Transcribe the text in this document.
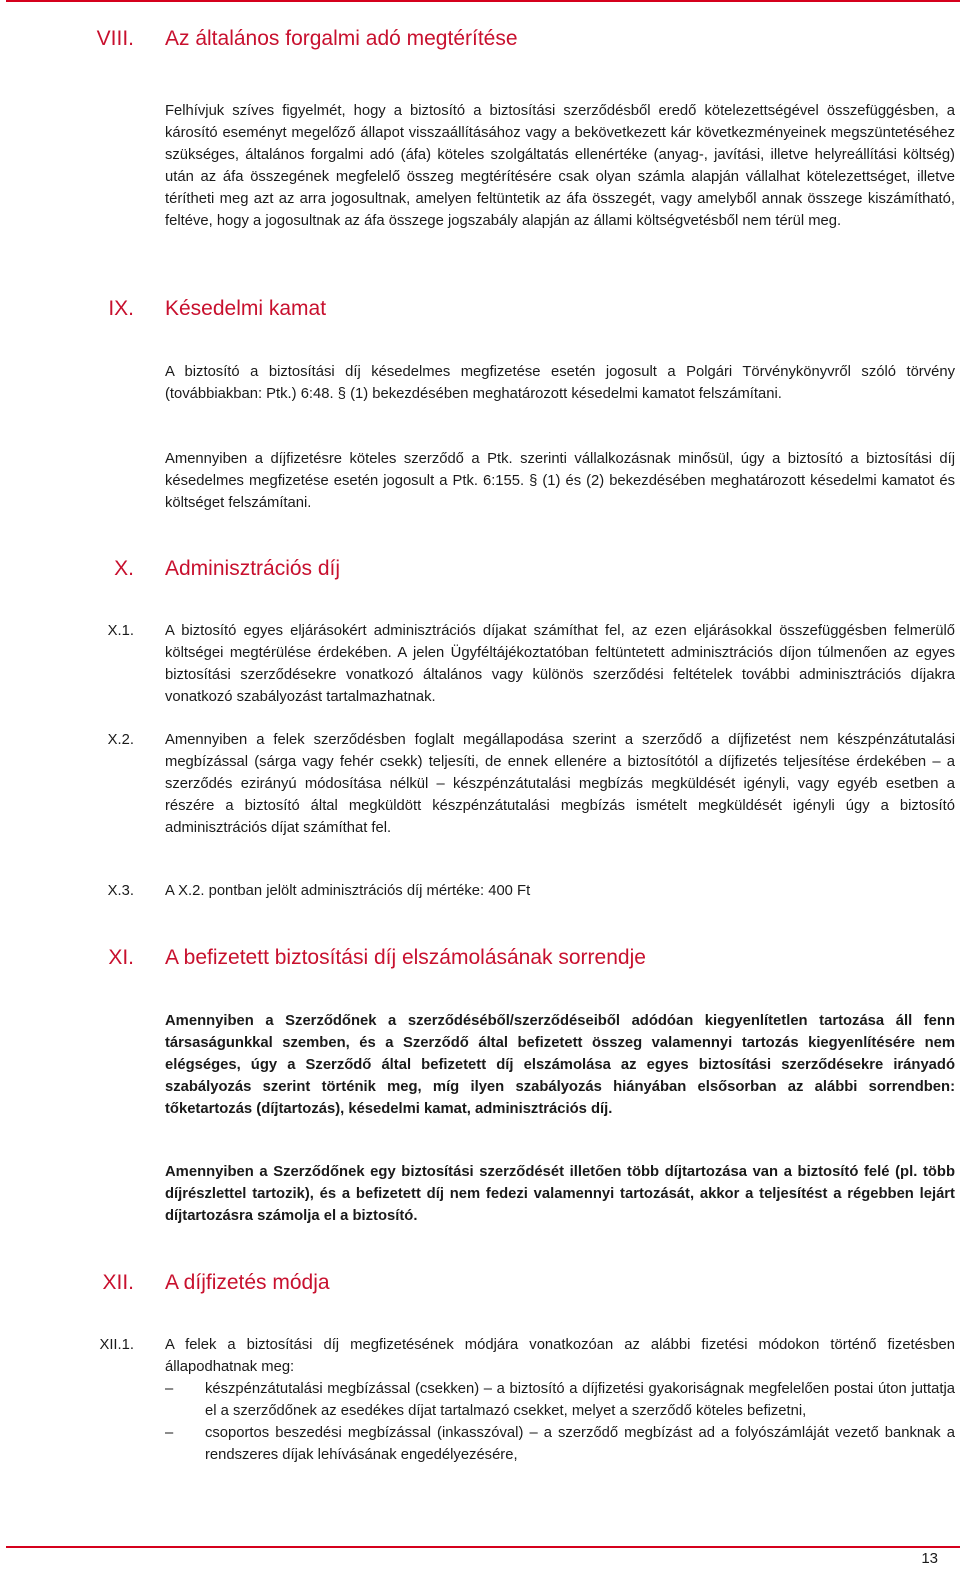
VIII. Az általános forgalmi adó megtérítése

Felhívjuk szíves figyelmét, hogy a biztosító a biztosítási szerződésből eredő kötelezettségével összefüggésben, a károsító eseményt megelőző állapot visszaállításához vagy a bekövetkezett kár következményeinek megszüntetéséhez szükséges, általános forgalmi adó (áfa) köteles szolgáltatás ellenértéke (anyag-, javítási, illetve helyreállítási költség) után az áfa összegének megfelelő összeg megtérítésére csak olyan számla alapján vállalhat kötelezettséget, illetve térítheti meg azt az arra jogosultnak, amelyen feltüntetik az áfa összegét, vagy amelyből annak összege kiszámítható, feltéve, hogy a jogosultnak az áfa összege jogszabály alapján az állami költségvetésből nem térül meg.

IX. Késedelmi kamat

A biztosító a biztosítási díj késedelmes megfizetése esetén jogosult a Polgári Törvénykönyvről szóló törvény (továbbiakban: Ptk.) 6:48. § (1) bekezdésében meghatározott késedelmi kamatot felszámítani.

Amennyiben a díjfizetésre köteles szerződő a Ptk. szerinti vállalkozásnak minősül, úgy a biztosító a biztosítási díj késedelmes megfizetése esetén jogosult a Ptk. 6:155. § (1) és (2) bekezdésében meghatározott késedelmi kamatot és költséget felszámítani.

X. Adminisztrációs díj
X.1. A biztosító egyes eljárásokért adminisztrációs díjakat számíthat fel, az ezen eljárásokkal összefüggésben felmerülő költségei megtérülése érdekében. A jelen Ügyféltájékoztatóban feltüntetett adminisztrációs díjon túlmenően az egyes biztosítási szerződésekre vonatkozó általános vagy különös szerződési feltételek további adminisztrációs díjakra vonatkozó szabályozást tartalmazhatnak.

X.2. Amennyiben a felek szerződésben foglalt megállapodása szerint a szerződő a díjfizetést nem készpénzátutalási megbízással (sárga vagy fehér csekk) teljesíti, de ennek ellenére a biztosítótól a díjfizetés teljesítése érdekében – a szerződés ezirányú módosítása nélkül – készpénzátutalási megbízás megküldését igényli, vagy egyéb esetben a részére a biztosító által megküldött készpénzátutalási megbízás ismételt megküldését igényli úgy a biztosító adminisztrációs díjat számíthat fel.

X.3. A X.2. pontban jelölt adminisztrációs díj mértéke: 400 Ft

XI. A befizetett biztosítási díj elszámolásának sorrendje

Amennyiben a Szerződőnek a szerződéséből/szerződéseiből adódóan kiegyenlítetlen tartozása áll fenn társaságunkkal szemben, és a Szerződő által befizetett összeg valamennyi tartozás kiegyenlítésére nem elégséges, úgy a Szerződő által befizetett díj elszámolása az egyes biztosítási szerződésekre irányadó szabályozás szerint történik meg, míg ilyen szabályozás hiányában elsősorban az alábbi sorrendben: tőketartozás (díjtartozás), késedelmi kamat, adminisztrációs díj.

Amennyiben a Szerződőnek egy biztosítási szerződését illetően több díjtartozása van a biztosító felé (pl. több díjrészlettel tartozik), és a befizetett díj nem fedezi valamennyi tartozását, akkor a teljesítést a régebben lejárt díjtartozásra számolja el a biztosító.

XII. A díjfizetés módja
XII.1. A felek a biztosítási díj megfizetésének módjára vonatkozóan az alábbi fizetési módokon történő fizetésben állapodhatnak meg:
– készpénzátutalási megbízással (csekken) – a biztosító a díjfizetési gyakoriságnak megfelelően postai úton juttatja el a szerződőnek az esedékes díjat tartalmazó csekket, melyet a szerződő köteles befizetni,
– csoportos beszedési megbízással (inkasszóval) – a szerződő megbízást ad a folyószámláját vezető banknak a rendszeres díjak lehívásának engedélyezésére,
13
